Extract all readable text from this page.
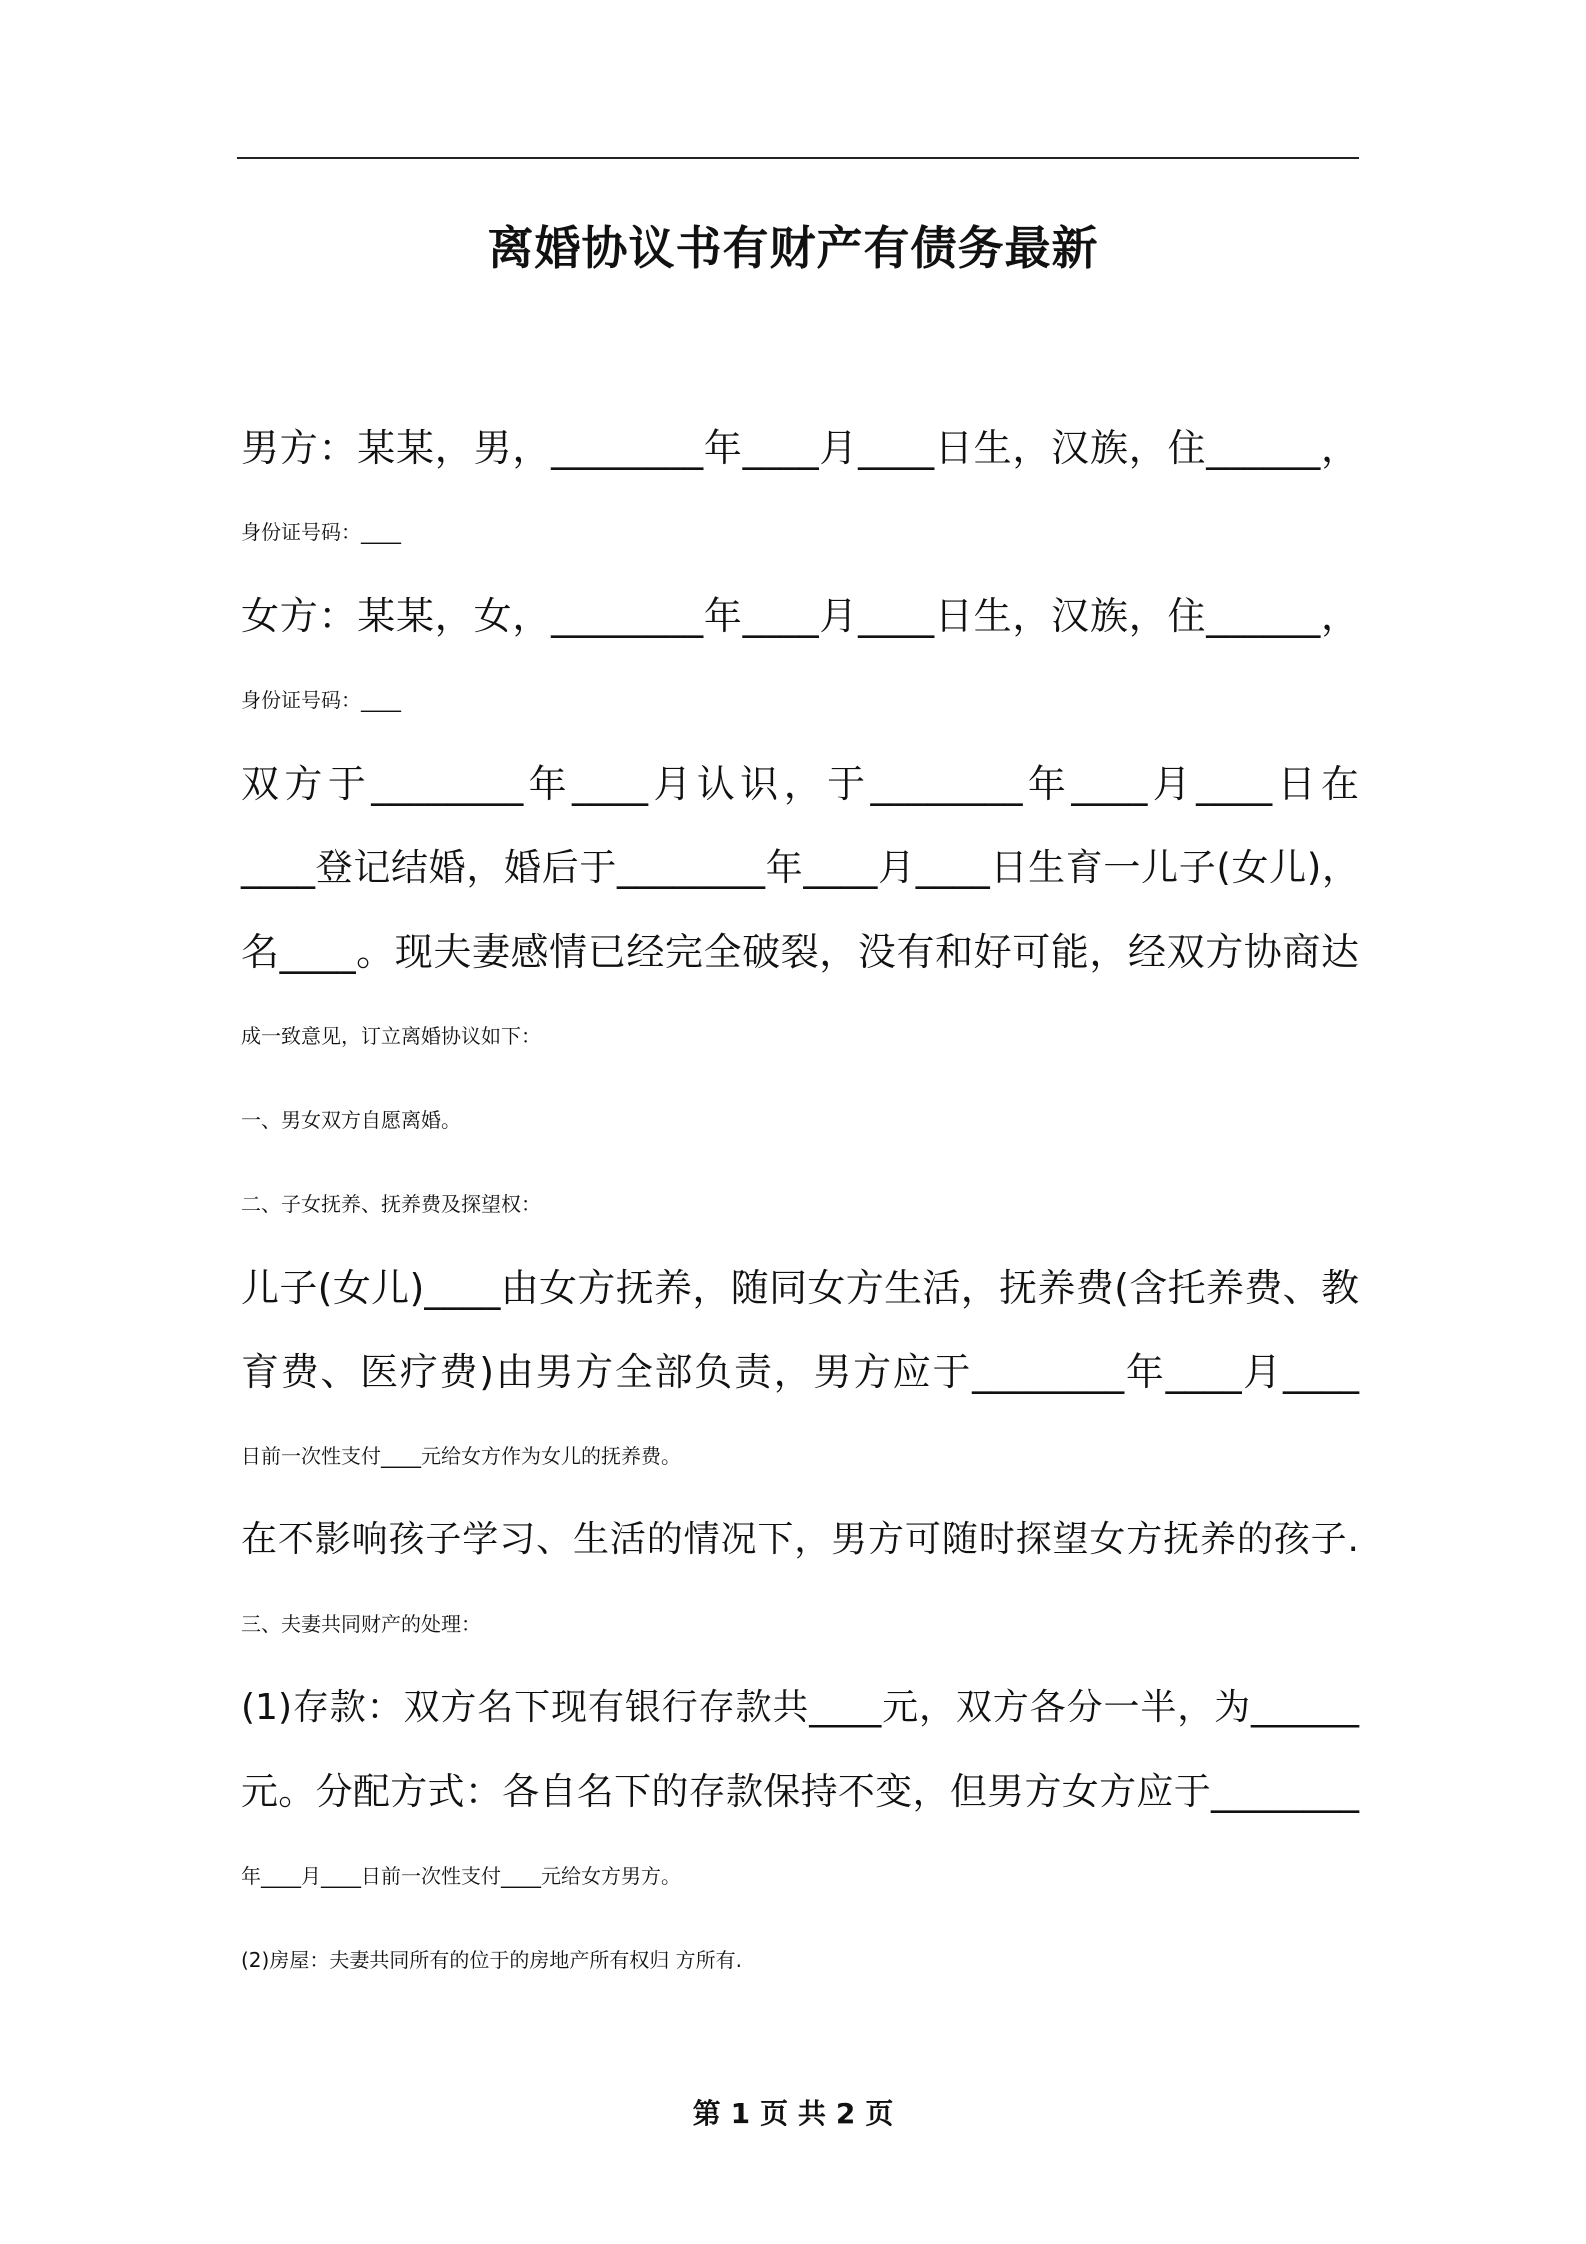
离婚协议书有财产有债务最新
男方：某某，男，________年____月____日生，汉族，住______，
身份证号码：____
女方：某某，女，________年____月____日生，汉族，住______，
身份证号码：____
双方于________年____月认识，于________年____月____日在
____登记结婚，婚后于________年____月____日生育一儿子(女儿)，
名____。现夫妻感情已经完全破裂，没有和好可能，经双方协商达
成一致意见，订立离婚协议如下：
一、男女双方自愿离婚。
二、子女抚养、抚养费及探望权：
儿子(女儿)____由女方抚养，随同女方生活，抚养费(含托养费、教
育费、医疗费)由男方全部负责，男方应于________年____月____
日前一次性支付____元给女方作为女儿的抚养费。
在不影响孩子学习、生活的情况下，男方可随时探望女方抚养的孩子.
三、夫妻共同财产的处理：
(1)存款：双方名下现有银行存款共____元，双方各分一半，为______
元。分配方式：各自名下的存款保持不变，但男方女方应于________
年____月____日前一次性支付____元给女方男方。
(2)房屋：夫妻共同所有的位于的房地产所有权归 方所有.
第 1 页 共 2 页
